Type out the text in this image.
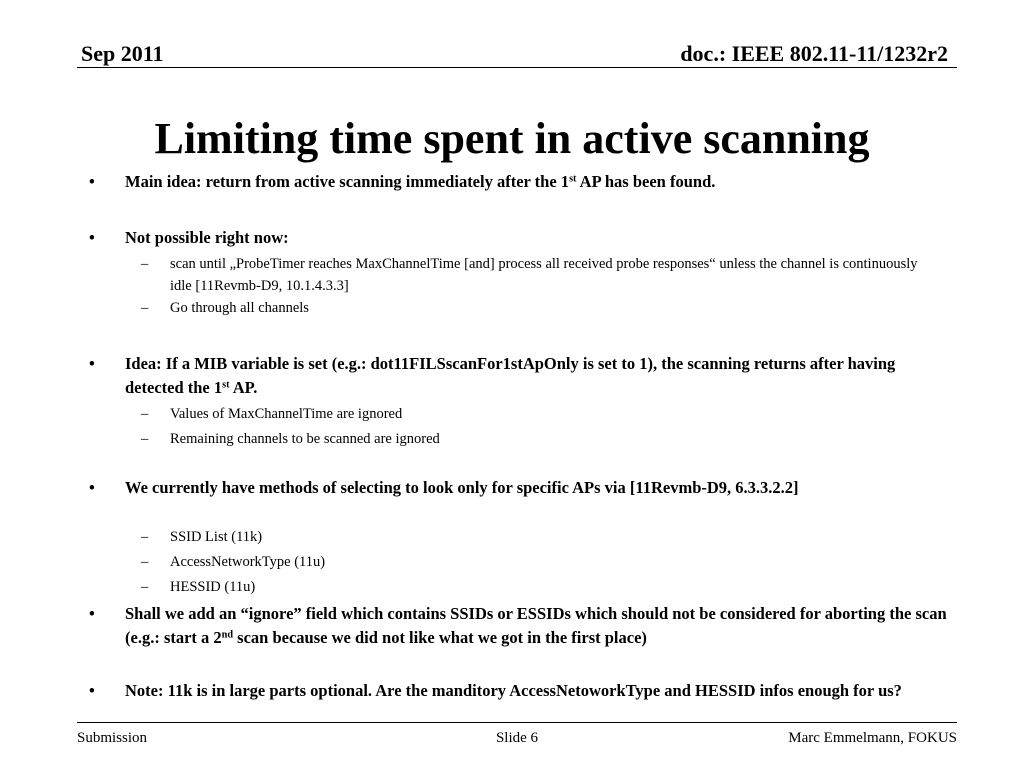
Sep 2011	doc.: IEEE 802.11-11/1232r2
Limiting time spent in active scanning
• Main idea: return from active scanning immediately after the 1st AP has been found.
• Not possible right now:
– scan until „ProbeTimer reaches MaxChannelTime [and] process all received probe responses“ unless the channel is continuously idle [11Revmb-D9, 10.1.4.3.3]
– Go through all channels
• Idea: If a MIB variable is set (e.g.: dot11FILSscanFor1stApOnly is set to 1), the scanning returns after having detected the 1st AP.
– Values of MaxChannelTime are ignored
– Remaining channels to be scanned are ignored
• We currently have methods of selecting to look only for specific APs via [11Revmb-D9, 6.3.3.2.2]
– SSID List (11k)
– AccessNetworkType (11u)
– HESSID (11u)
• Shall we add an “ignore” field which contains SSIDs or ESSIDs which should not be considered for aborting the scan (e.g.: start a 2nd scan because we did not like what we got in the first place)
• Note: 11k is in large parts optional. Are the manditory AccessNetoworkType and HESSID infos enough for us?
Submission	Slide 6	Marc Emmelmann, FOKUS
